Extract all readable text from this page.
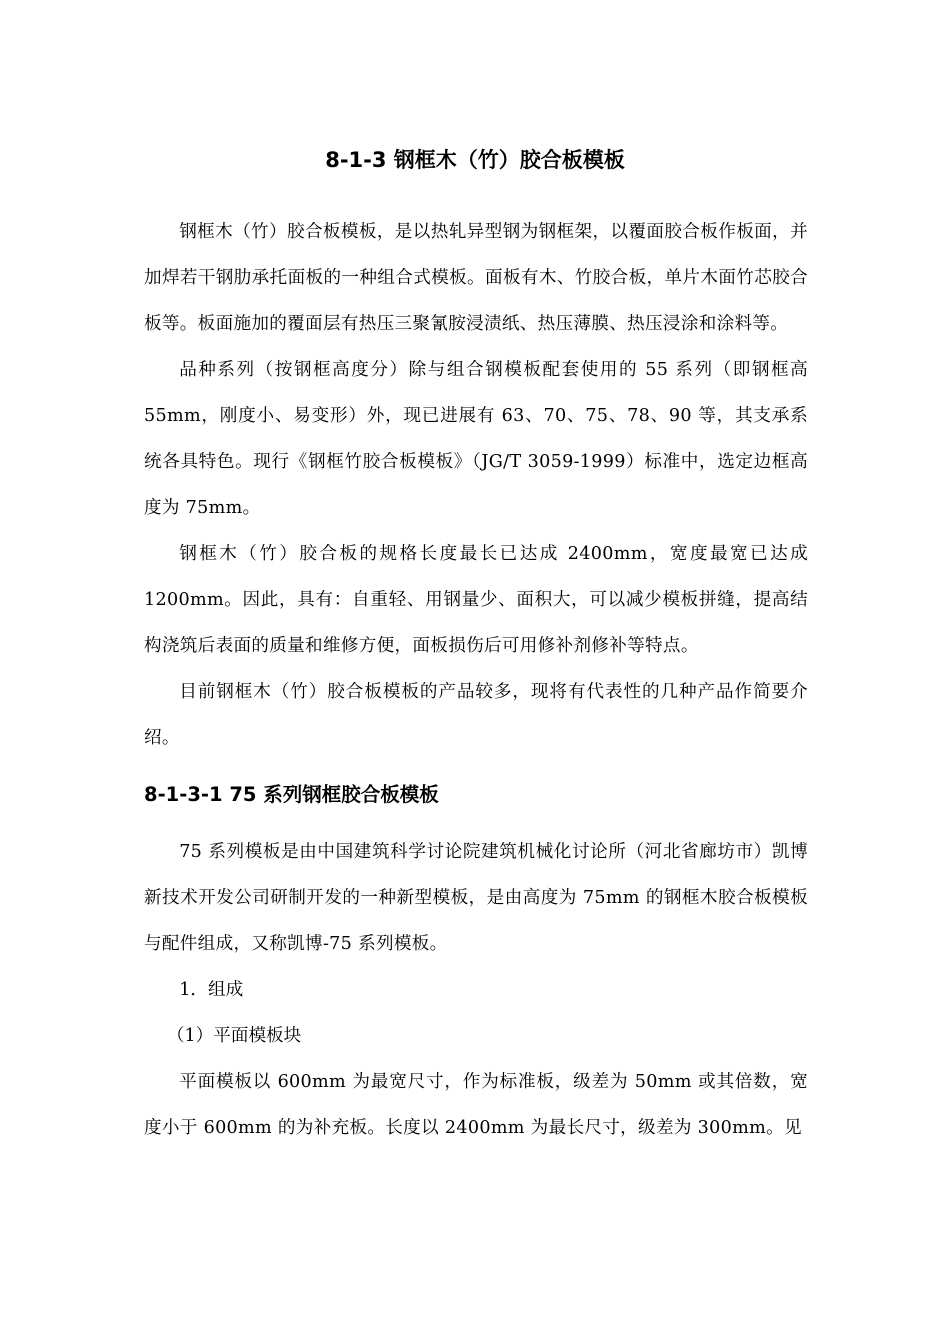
8-1-3 钢框木（竹）胶合板模板

钢框木（竹）胶合板模板，是以热轧异型钢为钢框架，以覆面胶合板作板面，并加焊若干钢肋承托面板的一种组合式模板。面板有木、竹胶合板，单片木面竹芯胶合板等。板面施加的覆面层有热压三聚氰胺浸渍纸、热压薄膜、热压浸涂和涂料等。

品种系列（按钢框高度分）除与组合钢模板配套使用的 55 系列（即钢框高 55mm，刚度小、易变形）外，现已进展有 63、70、75、78、90 等，其支承系统各具特色。现行《钢框竹胶合板模板》（JG/T 3059-1999）标准中，选定边框高度为 75mm。

钢框木（竹）胶合板的规格长度最长已达成 2400mm，宽度最宽已达成 1200mm。因此，具有：自重轻、用钢量少、面积大，可以减少模板拼缝，提高结构浇筑后表面的质量和维修方便，面板损伤后可用修补剂修补等特点。

目前钢框木（竹）胶合板模板的产品较多，现将有代表性的几种产品作简要介绍。

8-1-3-1 75 系列钢框胶合板模板

75 系列模板是由中国建筑科学讨论院建筑机械化讨论所（河北省廊坊市）凯博新技术开发公司研制开发的一种新型模板，是由高度为 75mm 的钢框木胶合板模板与配件组成，又称凯博-75 系列模板。

1．组成

（1）平面模板块

平面模板以 600mm 为最宽尺寸，作为标准板，级差为 50mm 或其倍数，宽度小于 600mm 的为补充板。长度以 2400mm 为最长尺寸，级差为 300mm。见
